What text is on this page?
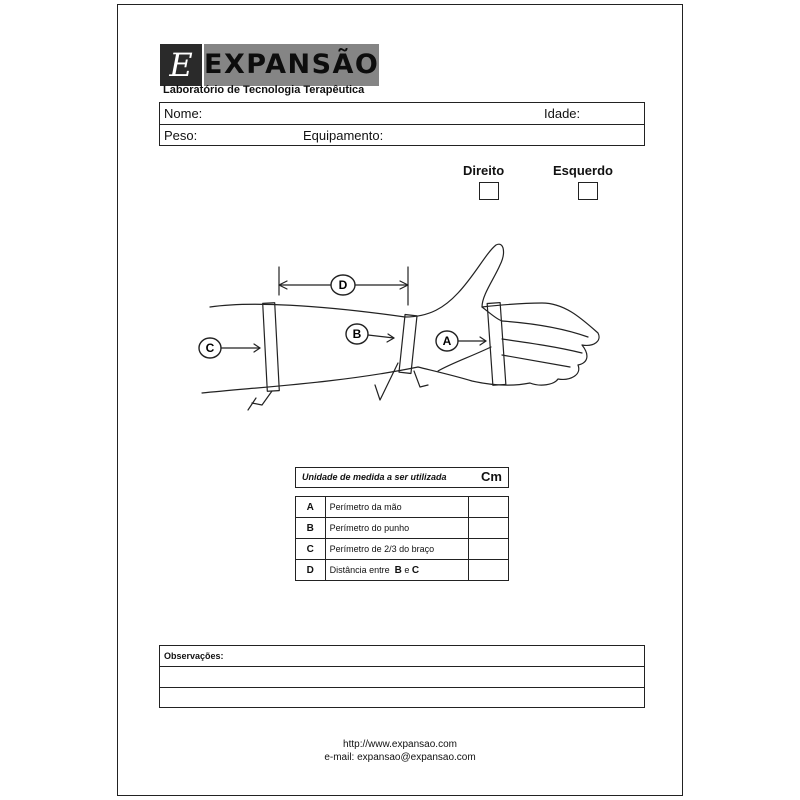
E EXPANSÃO
Laboratório de Tecnologia Terapêutica
Nome:	Idade:
Peso:	Equipamento:
Direito	Esquerdo
D
B	A
C
Unidade de medida a ser utilizada	Cm
A	Perímetro da mão	
B	Perímetro do punho	
C	Perímetro de 2/3 do braço	
D	Distância entre B e C	
Observações:
http://www.expansao.com
e-mail: expansao@expansao.com
